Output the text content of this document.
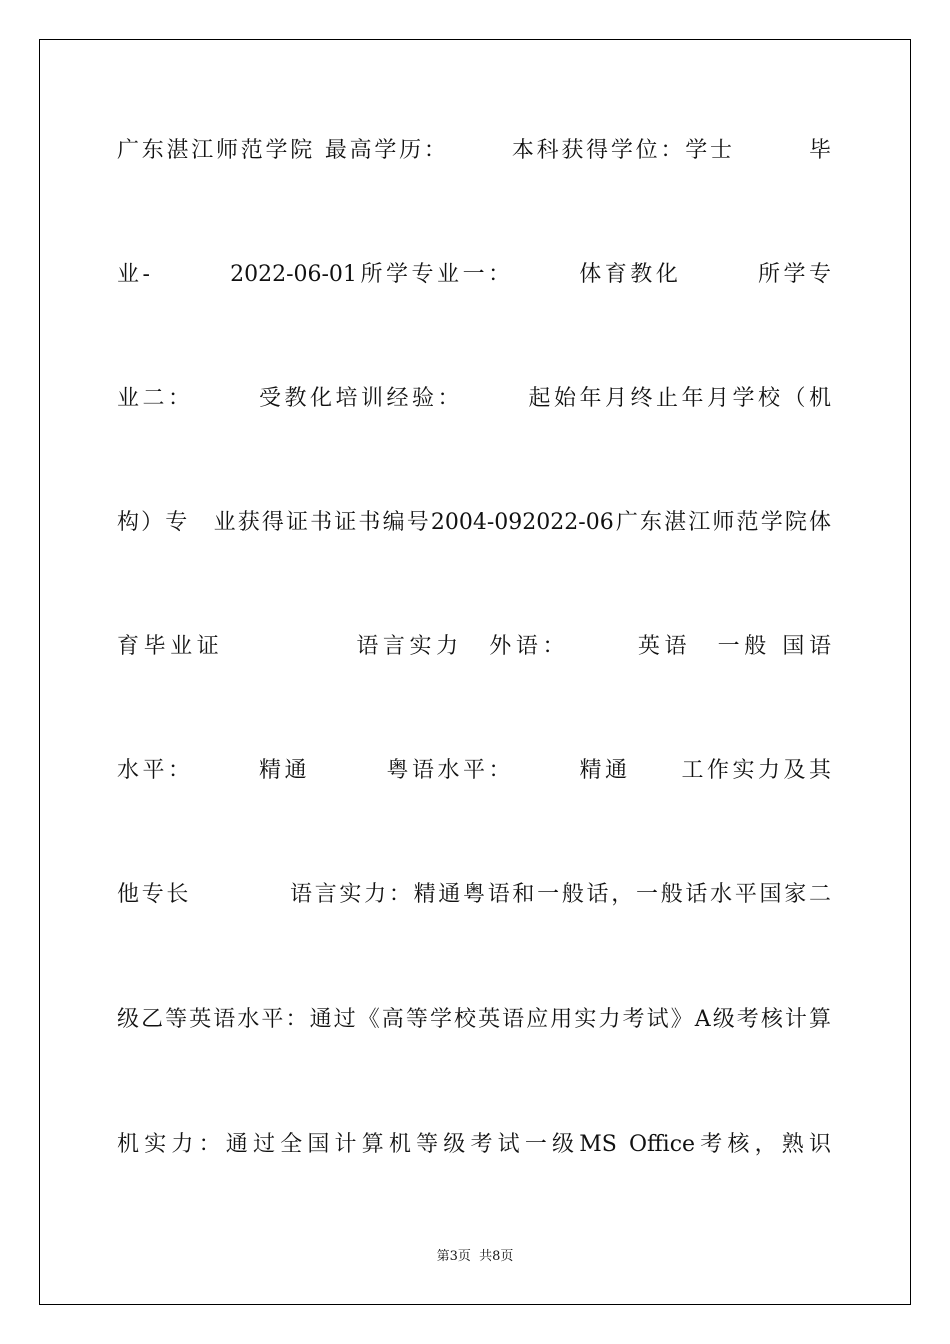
广东湛江师范学院 最高学历：　　　本科获得学位：学士　　　毕

业-　　　2022-06-01所学专业一：　　　体育教化　　　所学专

业二：　　　受教化培训经验：　　　起始年月终止年月学校（机

构）专　业获得证书证书编号2004-092022-06广东湛江师范学院体

育毕业证　　　　　语言实力　外语：　　　英语　一般 国语

水平：　　　精通　　　粤语水平：　　　精通　　工作实力及其

他专长　　　　语言实力：精通粤语和一般话，一般话水平国家二

级乙等英语水平：通过《高等学校英语应用实力考试》A级考核计算

机实力：通过全国计算机等级考试一级MS Office考核，熟识

第3页 共8页
